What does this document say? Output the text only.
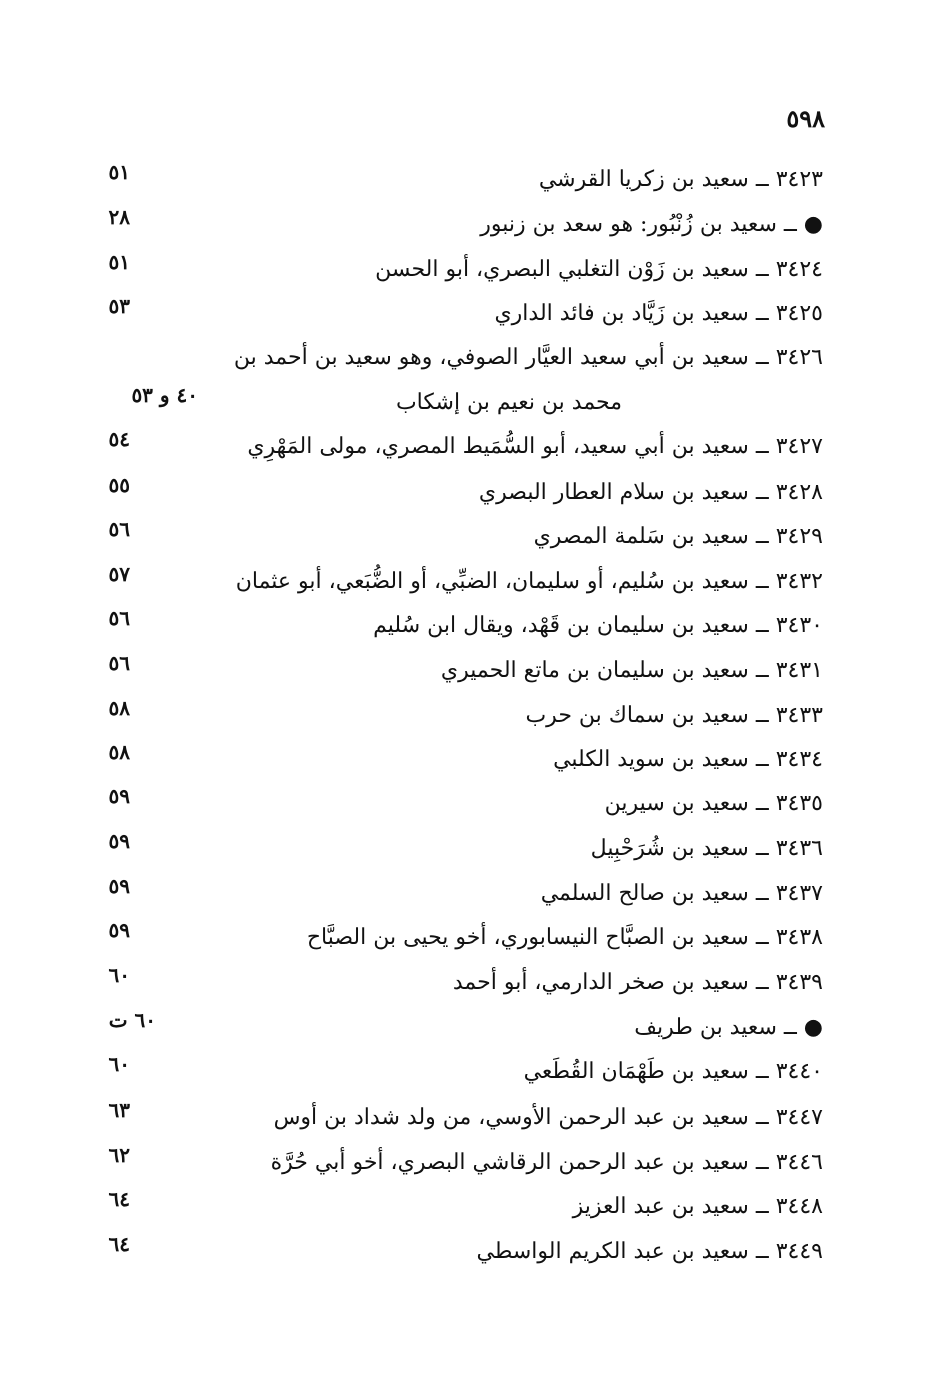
٥٩٨
٣٤٢٣ ــ سعيد بن زكريا القرشي
٥١
● ــ سعيد بن زُنْبُور: هو سعد بن زنبور
٢٨
٣٤٢٤ ــ سعيد بن زَوْن التغلبي البصري، أبو الحسن
٥١
٣٤٢٥ ــ سعيد بن زَيَّاد بن فائد الداري
٥٣
٣٤٢٦ ــ سعيد بن أبي سعيد العيَّار الصوفي، وهو سعيد بن أحمد بن
محمد بن نعيم بن إشكاب
٤٠ و ٥٣
٣٤٢٧ ــ سعيد بن أبي سعيد، أبو السُّمَيط المصري، مولى المَهْرِي
٥٤
٣٤٢٨ ــ سعيد بن سلام العطار البصري
٥٥
٣٤٢٩ ــ سعيد بن سَلمة المصري
٥٦
٣٤٣٢ ــ سعيد بن سُليم، أو سليمان، الضبِّي، أو الضُّبَعي، أبو عثمان
٥٧
٣٤٣٠ ــ سعيد بن سليمان بن قَهْد، ويقال ابن سُليم
٥٦
٣٤٣١ ــ سعيد بن سليمان بن ماتع الحميري
٥٦
٣٤٣٣ ــ سعيد بن سماك بن حرب
٥٨
٣٤٣٤ ــ سعيد بن سويد الكلبي
٥٨
٣٤٣٥ ــ سعيد بن سيرين
٥٩
٣٤٣٦ ــ سعيد بن شُرَحْبِيل
٥٩
٣٤٣٧ ــ سعيد بن صالح السلمي
٥٩
٣٤٣٨ ــ سعيد بن الصبَّاح النيسابوري، أخو يحيى بن الصبَّاح
٥٩
٣٤٣٩ ــ سعيد بن صخر الدارمي، أبو أحمد
٦٠
● ــ سعيد بن طريف
٦٠ ت
٣٤٤٠ ــ سعيد بن طَهْمَان القُطَعي
٦٠
٣٤٤٧ ــ سعيد بن عبد الرحمن الأوسي، من ولد شداد بن أوس
٦٣
٣٤٤٦ ــ سعيد بن عبد الرحمن الرقاشي البصري، أخو أبي حُرَّة
٦٢
٣٤٤٨ ــ سعيد بن عبد العزيز
٦٤
٣٤٤٩ ــ سعيد بن عبد الكريم الواسطي
٦٤
